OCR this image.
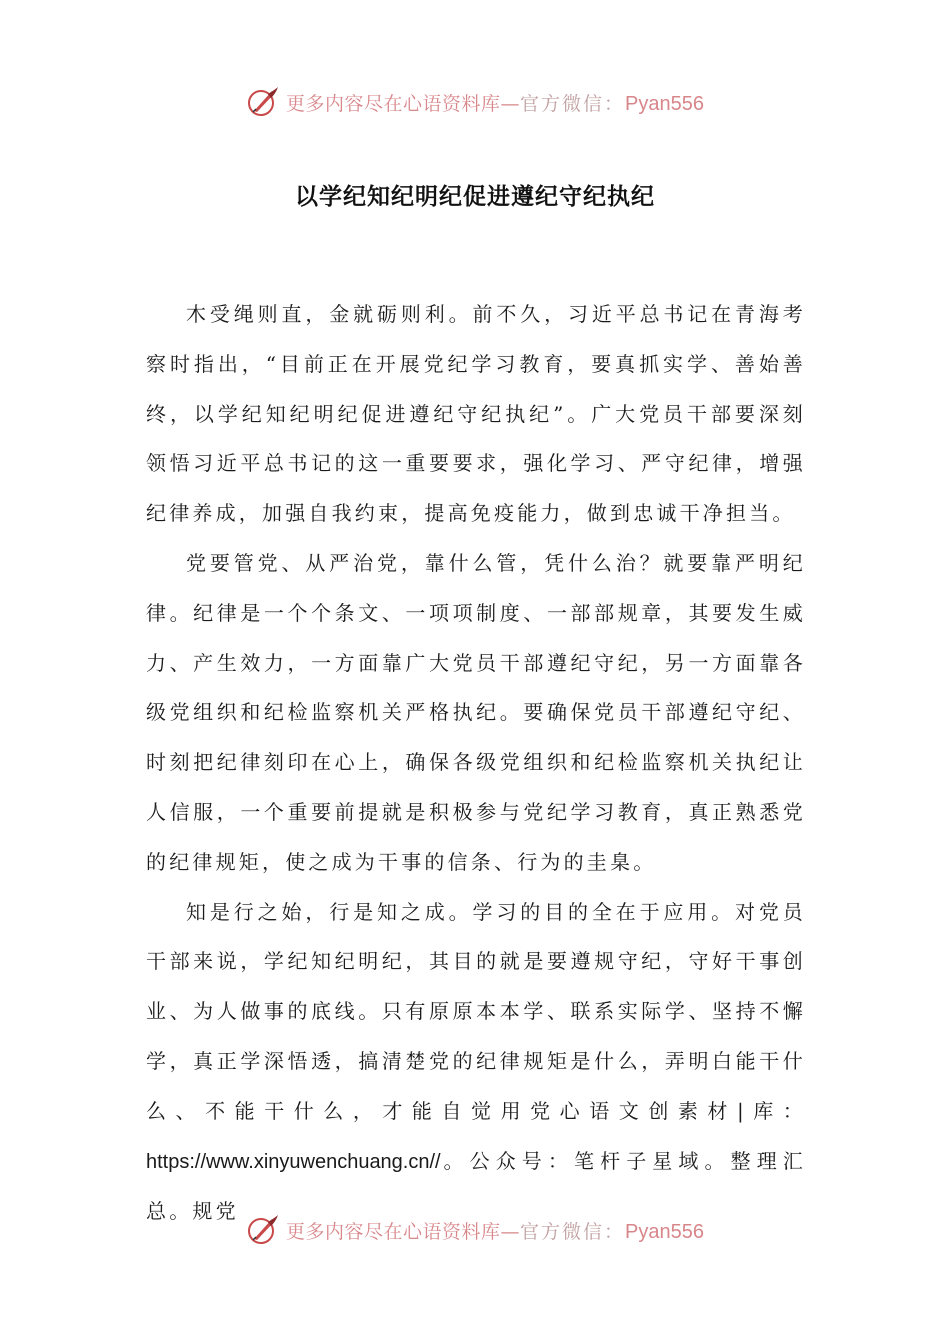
更多内容尽在心语资料库—官方微信：Pyan556
以学纪知纪明纪促进遵纪守纪执纪

木受绳则直，金就砺则利。前不久，习近平总书记在青海考察时指出，“目前正在开展党纪学习教育，要真抓实学、善始善终，以学纪知纪明纪促进遵纪守纪执纪”。广大党员干部要深刻领悟习近平总书记的这一重要要求，强化学习、严守纪律，增强纪律养成，加强自我约束，提高免疫能力，做到忠诚干净担当。

党要管党、从严治党，靠什么管，凭什么治？就要靠严明纪律。纪律是一个个条文、一项项制度、一部部规章，其要发生威力、产生效力，一方面靠广大党员干部遵纪守纪，另一方面靠各级党组织和纪检监察机关严格执纪。要确保党员干部遵纪守纪、时刻把纪律刻印在心上，确保各级党组织和纪检监察机关执纪让人信服，一个重要前提就是积极参与党纪学习教育，真正熟悉党的纪律规矩，使之成为干事的信条、行为的圭臬。

知是行之始，行是知之成。学习的目的全在于应用。对党员干部来说，学纪知纪明纪，其目的就是要遵规守纪，守好干事创业、为人做事的底线。只有原原本本学、联系实际学、坚持不懈学，真正学深悟透，搞清楚党的纪律规矩是什么，弄明白能干什么、不能干什么，才能自觉用党心语文创素材|库：https://www.xinyuwenchuang.cn//。公众号：笔杆子星域。整理汇总。规党

更多内容尽在心语资料库—官方微信：Pyan556
